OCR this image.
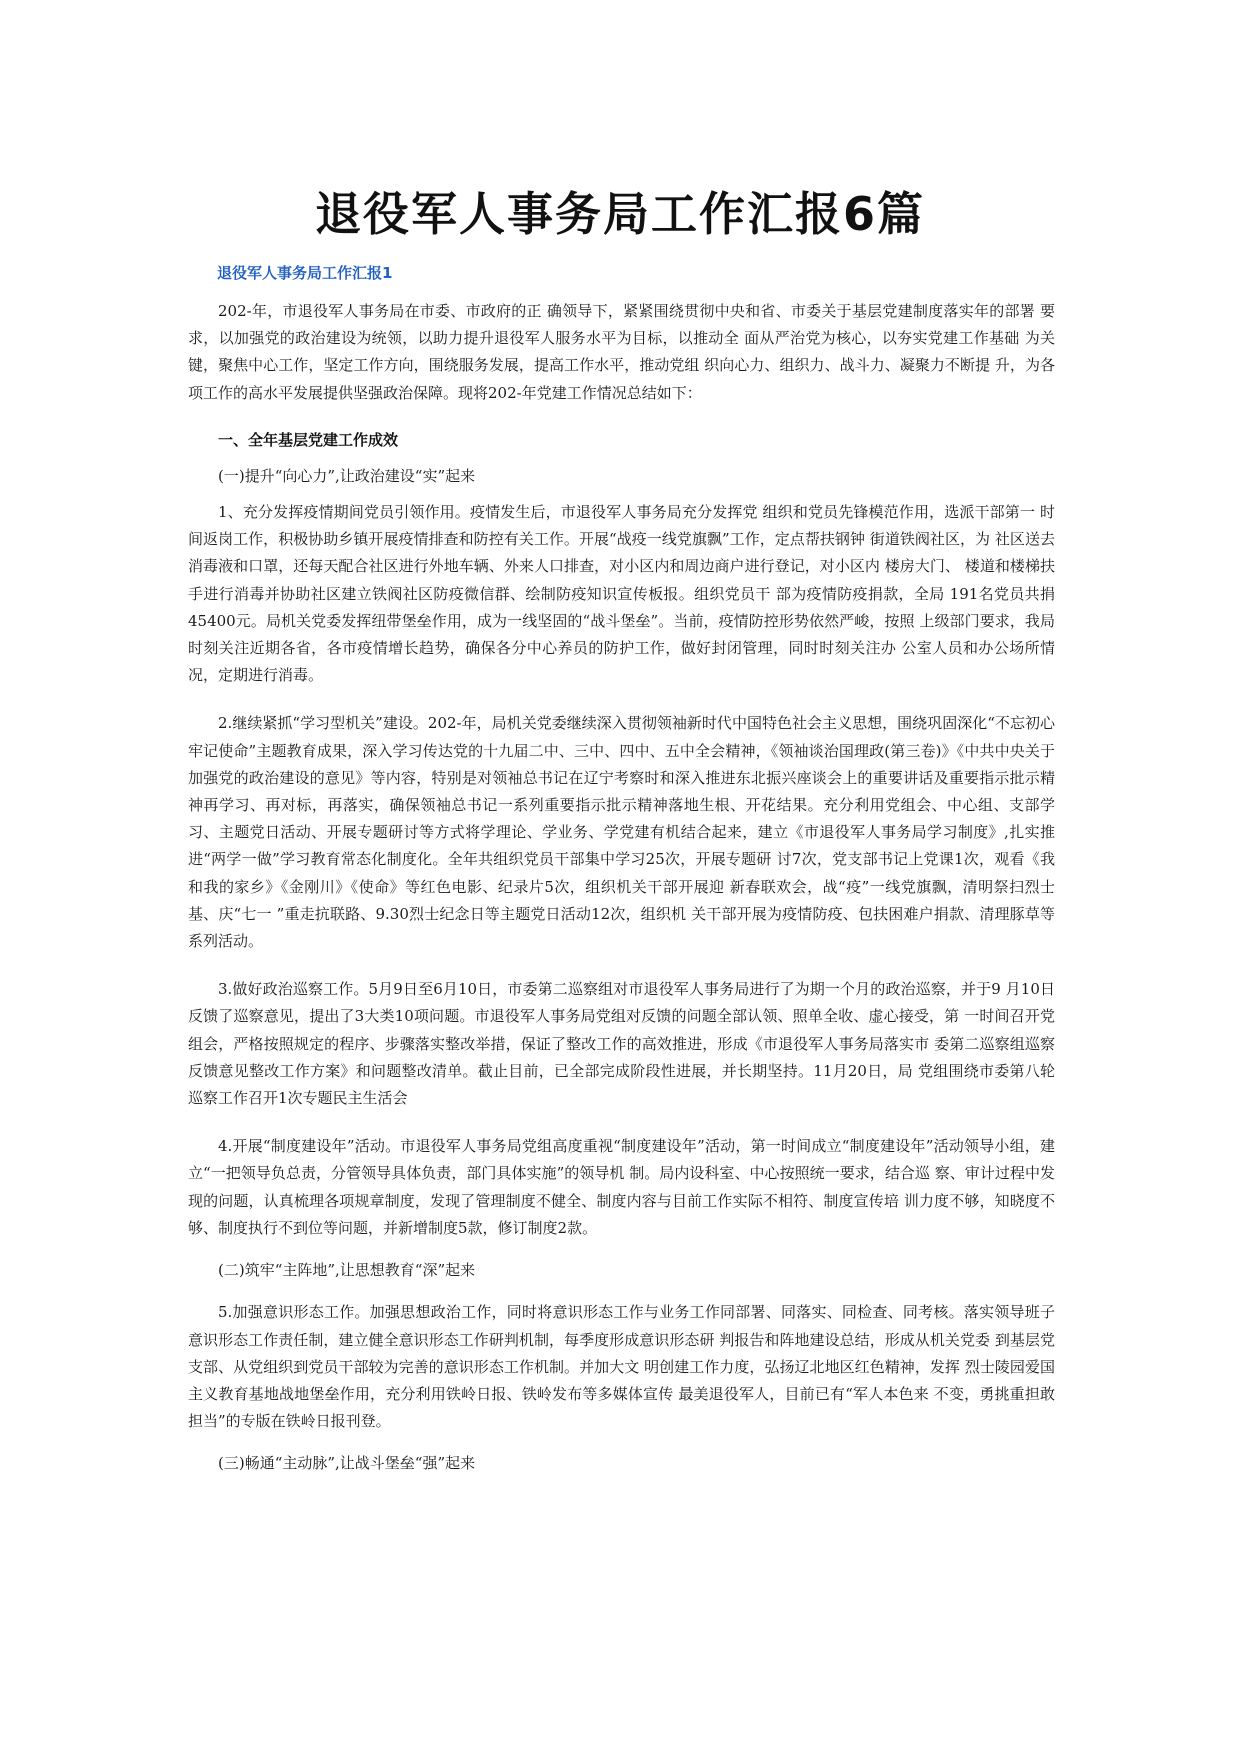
退役军人事务局工作汇报6篇
退役军人事务局工作汇报1

202-年，市退役军人事务局在市委、市政府的正 确领导下，紧紧围绕贯彻中央和省、市委关于基层党建制度落实年的部署 要求，以加强党的政治建设为统领，以助力提升退役军人服务水平为目标，以推动全 面从严治党为核心，以夯实党建工作基础 为关键，聚焦中心工作，坚定工作方向，围绕服务发展，提高工作水平，推动党组 织向心力、组织力、战斗力、凝聚力不断提 升，为各项工作的高水平发展提供坚强政治保障。现将202-年党建工作情况总结如下：

一、全年基层党建工作成效

(一)提升“向心力”,让政治建设“实”起来

1、充分发挥疫情期间党员引领作用。疫情发生后，市退役军人事务局充分发挥党 组织和党员先锋模范作用，选派干部第一 时间返岗工作，积极协助乡镇开展疫情排查和防控有关工作。开展“战疫一线党旗飘”工作，定点帮扶钢钟 街道铁阀社区，为 社区送去消毒液和口罩，还每天配合社区进行外地车辆、外来人口排查，对小区内和周边商户进行登记，对小区内 楼房大门、 楼道和楼梯扶手进行消毒并协助社区建立铁阀社区防疫微信群、绘制防疫知识宣传板报。组织党员干 部为疫情防疫捐款，全局 191名党员共捐45400元。局机关党委发挥纽带堡垒作用，成为一线坚固的“战斗堡垒”。当前，疫情防控形势依然严峻，按照 上级部门要求，我局时刻关注近期各省，各市疫情增长趋势，确保各分中心养员的防护工作，做好封闭管理，同时时刻关注办 公室人员和办公场所情况，定期进行消毒。

2.继续紧抓“学习型机关”建设。202-年，局机关党委继续深入贯彻领袖新时代中国特色社会主义思想，围绕巩固深化“不忘初心牢记使命”主题教育成果，深入学习传达党的十九届二中、三中、四中、五中全会精神，《领袖谈治国理政(第三卷)》《中共中央关于加强党的政治建设的意见》等内容，特别是对领袖总书记在辽宁考察时和深入推进东北振兴座谈会上的重要讲话及重要指示批示精神再学习、再对标，再落实，确保领袖总书记一系列重要指示批示精神落地生根、开花结果。充分利用党组会、中心组、支部学习、主题党日活动、开展专题研讨等方式将学理论、学业务、学党建有机结合起来，建立《市退役军人事务局学习制度》,扎实推进“两学一做”学习教育常态化制度化。全年共组织党员干部集中学习25次，开展专题研 讨7次，党支部书记上党课1次，观看《我和我的家乡》《金刚川》《使命》等红色电影、纪录片5次，组织机关干部开展迎 新春联欢会，战“疫”一线党旗飘，清明祭扫烈士基、庆“七一 ”重走抗联路、9.30烈士纪念日等主题党日活动12次，组织机 关干部开展为疫情防疫、包扶困难户捐款、清理豚草等系列活动。

3.做好政治巡察工作。5月9日至6月10日，市委第二巡察组对市退役军人事务局进行了为期一个月的政治巡察，并于9 月10日反馈了巡察意见，提出了3大类10项问题。市退役军人事务局党组对反馈的问题全部认领、照单全收、虚心接受，第 一时间召开党组会，严格按照规定的程序、步骤落实整改举措，保证了整改工作的高效推进，形成《市退役军人事务局落实市 委第二巡察组巡察反馈意见整改工作方案》和问题整改清单。截止目前，已全部完成阶段性进展，并长期坚持。11月20日，局 党组围绕市委第八轮巡察工作召开1次专题民主生活会

4.开展“制度建设年”活动。市退役军人事务局党组高度重视“制度建设年”活动，第一时间成立“制度建设年”活动领导小组，建立“一把领导负总责，分管领导具体负责，部门具体实施”的领导机 制。局内设科室、中心按照统一要求，结合巡 察、审计过程中发现的问题，认真梳理各项规章制度，发现了管理制度不健全、制度内容与目前工作实际不相符、制度宣传培 训力度不够，知晓度不够、制度执行不到位等问题，并新增制度5款，修订制度2款。

(二)筑牢“主阵地”,让思想教育“深”起来

5.加强意识形态工作。加强思想政治工作，同时将意识形态工作与业务工作同部署、同落实、同检查、同考核。落实领导班子意识形态工作责任制，建立健全意识形态工作研判机制，每季度形成意识形态研 判报告和阵地建设总结，形成从机关党委 到基层党支部、从党组织到党员干部较为完善的意识形态工作机制。并加大文 明创建工作力度，弘扬辽北地区红色精神，发挥 烈士陵园爱国主义教育基地战地堡垒作用，充分利用铁岭日报、铁岭发布等多媒体宣传 最美退役军人，目前已有“军人本色来 不变，勇挑重担敢担当”的专版在铁岭日报刊登。

(三)畅通“主动脉”,让战斗堡垒“强”起来
